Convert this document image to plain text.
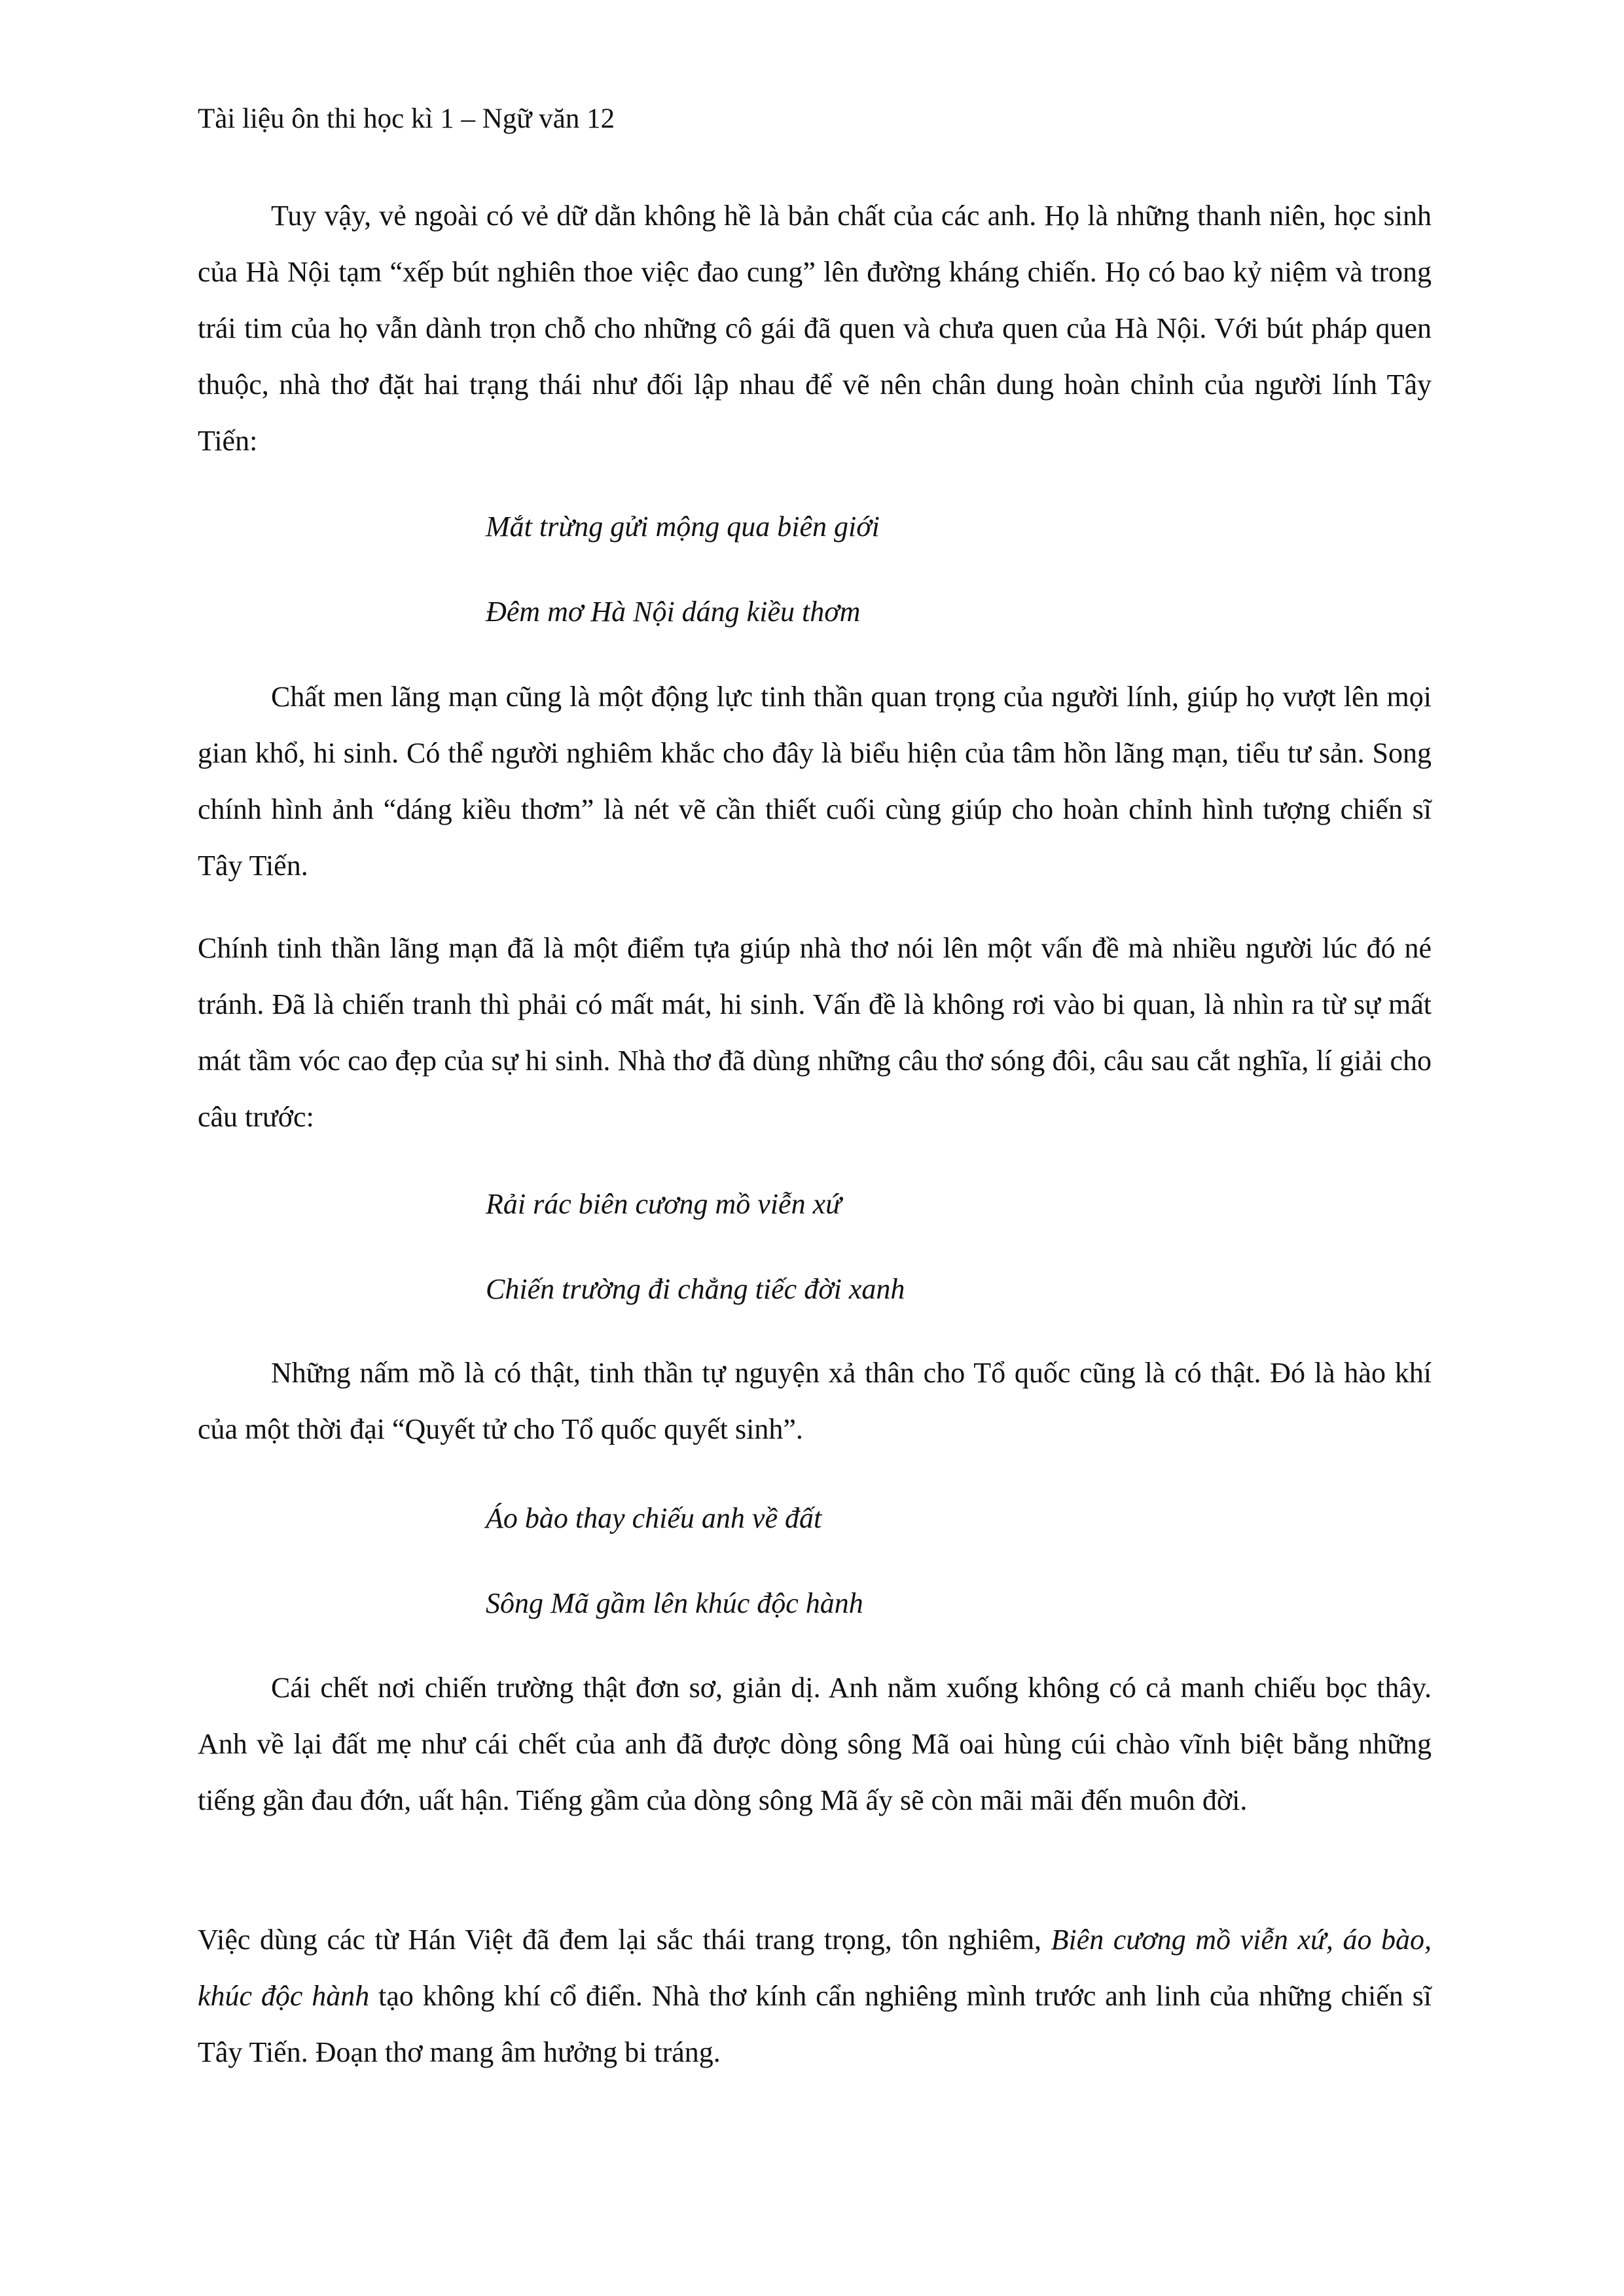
Tài liệu ôn thi học kì 1 – Ngữ văn 12

Tuy vậy, vẻ ngoài có vẻ dữ dằn không hề là bản chất của các anh. Họ là những thanh niên, học sinh của Hà Nội tạm “xếp bút nghiên thoe việc đao cung” lên đường kháng chiến. Họ có bao kỷ niệm và trong trái tim của họ vẫn dành trọn chỗ cho những cô gái đã quen và chưa quen của Hà Nội. Với bút pháp quen thuộc, nhà thơ đặt hai trạng thái như đối lập nhau để vẽ nên chân dung hoàn chỉnh của người lính Tây Tiến:

Mắt trừng gửi mộng qua biên giới
Đêm mơ Hà Nội dáng kiều thơm

Chất men lãng mạn cũng là một động lực tinh thần quan trọng của người lính, giúp họ vượt lên mọi gian khổ, hi sinh. Có thể người nghiêm khắc cho đây là biểu hiện của tâm hồn lãng mạn, tiểu tư sản. Song chính hình ảnh “dáng kiều thơm” là nét vẽ cần thiết cuối cùng giúp cho hoàn chỉnh hình tượng chiến sĩ Tây Tiến.

Chính tinh thần lãng mạn đã là một điểm tựa giúp nhà thơ nói lên một vấn đề mà nhiều người lúc đó né tránh. Đã là chiến tranh thì phải có mất mát, hi sinh. Vấn đề là không rơi vào bi quan, là nhìn ra từ sự mất mát tầm vóc cao đẹp của sự hi sinh. Nhà thơ đã dùng những câu thơ sóng đôi, câu sau cắt nghĩa, lí giải cho câu trước:

Rải rác biên cương mồ viễn xứ
Chiến trường đi chẳng tiếc đời xanh

Những nấm mồ là có thật, tinh thần tự nguyện xả thân cho Tổ quốc cũng là có thật. Đó là hào khí của một thời đại “Quyết tử cho Tổ quốc quyết sinh”.

Áo bào thay chiếu anh về đất
Sông Mã gầm lên khúc độc hành

Cái chết nơi chiến trường thật đơn sơ, giản dị. Anh nằm xuống không có cả manh chiếu bọc thây. Anh về lại đất mẹ như cái chết của anh đã được dòng sông Mã oai hùng cúi chào vĩnh biệt bằng những tiếng gần đau đớn, uất hận. Tiếng gầm của dòng sông Mã ấy sẽ còn mãi mãi đến muôn đời.

Việc dùng các từ Hán Việt đã đem lại sắc thái trang trọng, tôn nghiêm, Biên cương mồ viễn xứ, áo bào, khúc độc hành tạo không khí cổ điển. Nhà thơ kính cẩn nghiêng mình trước anh linh của những chiến sĩ Tây Tiến. Đoạn thơ mang âm hưởng bi tráng.
